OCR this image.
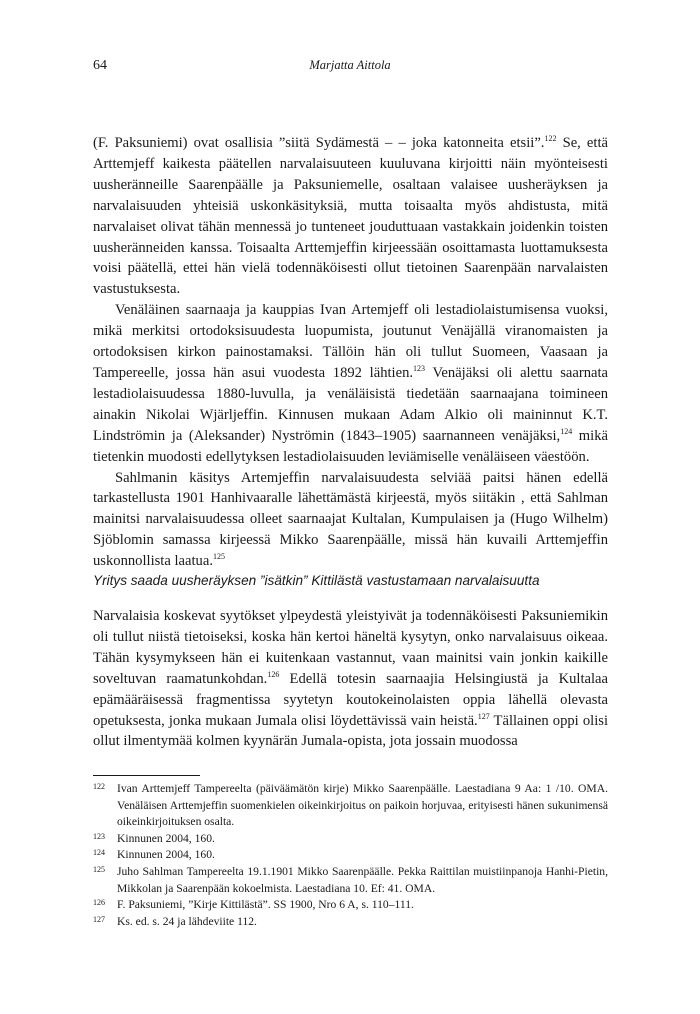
64	Marjatta Aittola

(F. Paksuniemi) ovat osallisia ”siitä Sydämestä – – joka katonneita etsii”.$^{122}$ Se, että Arttemjeff kaikesta päätellen narvalaisuuteen kuuluvana kirjoitti näin myönteisesti uusheränneille Saarenpäälle ja Paksuniemelle, osaltaan valaisee uusheräyksen ja narvalaisuuden yhteisiä uskonkäsityksiä, mutta toisaalta myös ahdistusta, mitä narvalaiset olivat tähän mennessä jo tunteneet jouduttuaan vastakkain joidenkin toisten uusheränneiden kanssa. Toisaalta Arttemjeffin kirjeessään osoittamasta luottamuksesta voisi päätellä, ettei hän vielä todennäköisesti ollut tietoinen Saarenpään narvalaisten vastustuksesta.

Venäläinen saarnaaja ja kauppias Ivan Artemjeff oli lestadiolaistumisensa vuoksi, mikä merkitsi ortodoksisuudesta luopumista, joutunut Venäjällä viranomaisten ja ortodoksisen kirkon painostamaksi. Tällöin hän oli tullut Suomeen, Vaasaan ja Tampereelle, jossa hän asui vuodesta 1892 lähtien.$^{123}$ Venäjäksi oli alettu saarnata lestadiolaisuudessa 1880-luvulla, ja venäläisistä tiedetään saarnaajana toimineen ainakin Nikolai Wjärljeffin. Kinnusen mukaan Adam Alkio oli maininnut K.T. Lindströmin ja (Aleksander) Nyströmin (1843–1905) saarnanneen venäjäksi,$^{124}$ mikä tietenkin muodosti edellytyksen lestadiolaisuuden leviämiselle venäläiseen väestöön.

Sahlmanin käsitys Artemjeffin narvalaisuudesta selviää paitsi hänen edellä tarkastellusta 1901 Hanhivaaralle lähettämästä kirjeestä, myös siitäkin , että Sahlman mainitsi narvalaisuudessa olleet saarnaajat Kultalan, Kumpulaisen ja (Hugo Wilhelm) Sjöblomin samassa kirjeessä Mikko Saarenpäälle, missä hän kuvaili Arttemjeffin uskonnollista laatua.$^{125}$

Yritys saada uusheräyksen ”isätkin” Kittilästä vastustamaan narvalaisuutta

Narvalaisia koskevat syytökset ylpeydestä yleistyivät ja todennäköisesti Paksuniemikin oli tullut niistä tietoiseksi, koska hän kertoi häneltä kysytyn, onko narvalaisuus oikeaa. Tähän kysymykseen hän ei kuitenkaan vastannut, vaan mainitsi vain jonkin kaikille soveltuvan raamatunkohdan.$^{126}$ Edellä totesin saarnaajia Helsingiustä ja Kultalaa epämääräisessä fragmentissa syytetyn koutokeinolaisten oppia lähellä olevasta opetuksesta, jonka mukaan Jumala olisi löydettävissä vain heistä.$^{127}$ Tällainen oppi olisi ollut ilmentymää kolmen kyynärän Jumala-opista, jota jossain muodossa

122	Ivan Arttemjeff Tampereelta (päiväämätön kirje) Mikko Saarenpäälle. Laestadiana 9 Aa: 1 /10. OMA. Venäläisen Arttemjeffin suomenkielen oikeinkirjoitus on paikoin horjuvaa, erityisesti hänen sukunimensä oikeinkirjoituksen osalta.
123	Kinnunen 2004, 160.
124	Kinnunen 2004, 160.
125	Juho Sahlman Tampereelta 19.1.1901 Mikko Saarenpäälle. Pekka Raittilan muistiinpanoja Hanhi-Pietin, Mikkolan ja Saarenpään kokoelmista. Laestadiana 10. Ef: 41. OMA.
126	F. Paksuniemi, ”Kirje Kittilästä”. SS 1900, Nro 6 A, s. 110–111.
127	Ks. ed. s. 24 ja lähdeviite 112.
